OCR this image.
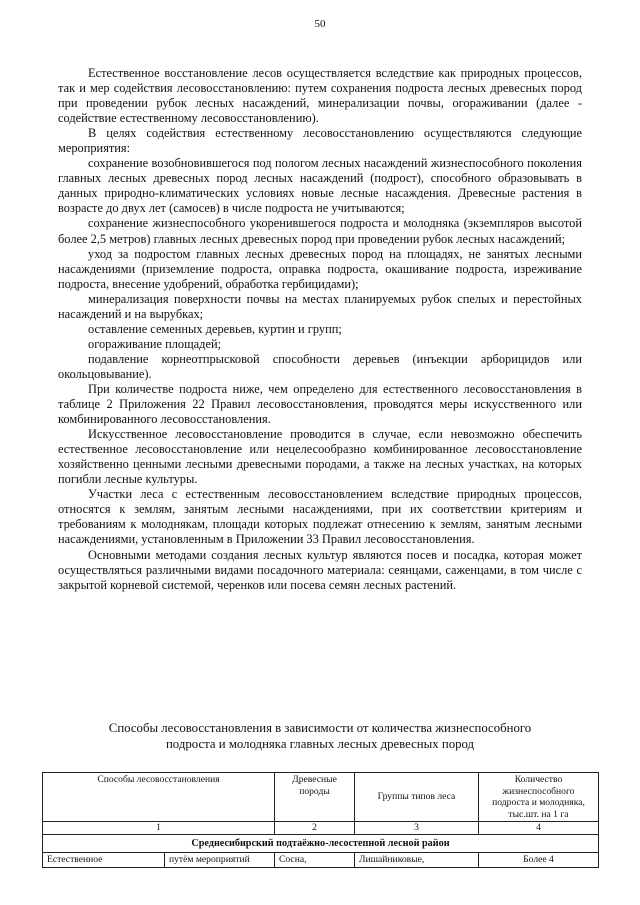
50

Естественное восстановление лесов осуществляется вследствие как природных процессов, так и мер содействия лесовосстановлению: путем сохранения подроста лесных древесных пород при проведении рубок лесных насаждений, минерализации почвы, огораживании (далее - содействие естественному лесовосстановлению).

В целях содействия естественному лесовосстановлению осуществляются следующие мероприятия:

сохранение возобновившегося под пологом лесных насаждений жизнеспособного поколения главных лесных древесных пород лесных насаждений (подрост), способного образовывать в данных природно-климатических условиях новые лесные насаждения. Древесные растения в возрасте до двух лет (самосев) в числе подроста не учитываются;

сохранение жизнеспособного укоренившегося подроста и молодняка (экземпляров высотой более 2,5 метров) главных лесных древесных пород при проведении рубок лесных насаждений;

уход за подростом главных лесных древесных пород на площадях, не занятых лесными насаждениями (приземление подроста, оправка подроста, окашивание подроста, изреживание подроста, внесение удобрений, обработка гербицидами);

минерализация поверхности почвы на местах планируемых рубок спелых и перестойных насаждений и на вырубках;

оставление семенных деревьев, куртин и групп;

огораживание площадей;

подавление корнеотпрысковой способности деревьев (инъекции арборицидов или окольцовывание).

При количестве подроста ниже, чем определено для естественного лесовосстановления в таблице 2 Приложения 22 Правил лесовосстановления, проводятся меры искусственного или комбинированного лесовосстановления.

Искусственное лесовосстановление проводится в случае, если невозможно обеспечить естественное лесовосстановление или нецелесообразно комбинированное лесовосстановление хозяйственно ценными лесными древесными породами, а также на лесных участках, на которых погибли лесные культуры.

Участки леса с естественным лесовосстановлением вследствие природных процессов, относятся к землям, занятым лесными насаждениями, при их соответствии критериям и требованиям к молоднякам, площади которых подлежат отнесению к землям, занятым лесными насаждениями, установленным в Приложении 33 Правил лесовосстановления.

Основными методами создания лесных культур являются посев и посадка, которая может осуществляться различными видами посадочного материала: сеянцами, саженцами, в том числе с закрытой корневой системой, черенков или посева семян лесных растений.

Способы лесовосстановления в зависимости от количества жизнеспособного
подроста и молодняка главных лесных древесных пород
Способы лесовосстановления		Древесные породы	Группы типов леса	Количество жизнеспособного подроста и молодняка, тыс.шт. на 1 га
1		2	3	4
Среднесибирский подтаёжно-лесостепной лесной район				
Естественное	путём мероприятий	Сосна,	Лишайниковые,	Более 4
